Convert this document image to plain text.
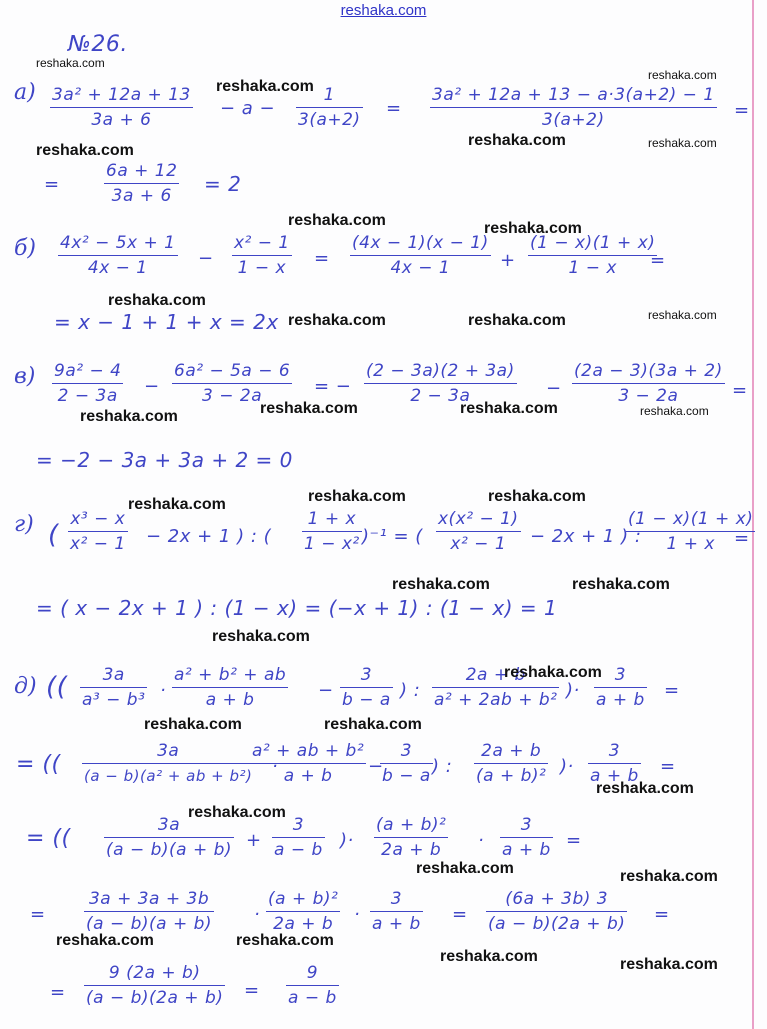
reshaka.com
№26.
а) 3a² + 12a + 13
3a + 6
− a −
1
3(a+2)
=
3a² + 12a + 13 − a·3(a+2) − 1
3(a+2)	=
=
6a + 12
3a + 6 = 2
б) 4x² − 5x + 1
4x − 1	−
x² − 1
1 − x =
(4x − 1)(x − 1)
4x − 1	+
(1 − x)(1 + x)
1 − x =
= x − 1 + 1 + x = 2x
в) 9a² − 4
2 − 3a −
6a² − 5a − 6
3 − 2a	= −
(2 − 3a)(2 + 3a)
2 − 3a	−
(2a − 3)(3a + 2)
3 − 2a	=
= −2 − 3a + 3a + 2 = 0
г) (
x³ − x
x² − 1 − 2x + 1 ) : (
1 + x
1 − x² )⁻¹ = (
x(x² − 1)
x² − 1 − 2x + 1 ) :
(1 − x)(1 + x)
1 + x =
= ( x − 2x + 1 ) : (1 − x) = (−x + 1) : (1 − x) = 1
д) (( 3a
a³ − b³ ·
a² + b² + ab
a + b	−
3
b − a ) :
2a + b
a² + 2ab + b² )·
3
a + b =
= ((
3a
(a − b)(a² + ab + b²) ·
a² + ab + b²
a + b −
3
b − a ) :
2a + b
(a + b)² )·
3
a + b =
= ((
3a
(a − b)(a + b) +
3
a − b )·
(a + b)²
2a + b ·
3
a + b =
=
3a + 3a + 3b
(a − b)(a + b) ·
(a + b)²
2a + b ·
3
a + b =
(6a + 3b) 3
(a − b)(2a + b) =
=
9 (2a + b)
(a − b)(2a + b) =
9
a − b
reshaka.com
reshaka.com
reshaka.com
reshaka.com
reshaka.com	reshaka.com
reshaka.com	reshaka.com
reshaka.com
reshaka.com	reshaka.com	reshaka.com
reshaka.com	reshaka.com	reshaka.com	reshaka.com
reshaka.com	reshaka.com	reshaka.com
reshaka.com	reshaka.com
reshaka.com
reshaka.com
reshaka.com	reshaka.com
reshaka.com
reshaka.com
reshaka.com	reshaka.com
reshaka.com	reshaka.com
reshaka.com	reshaka.com
